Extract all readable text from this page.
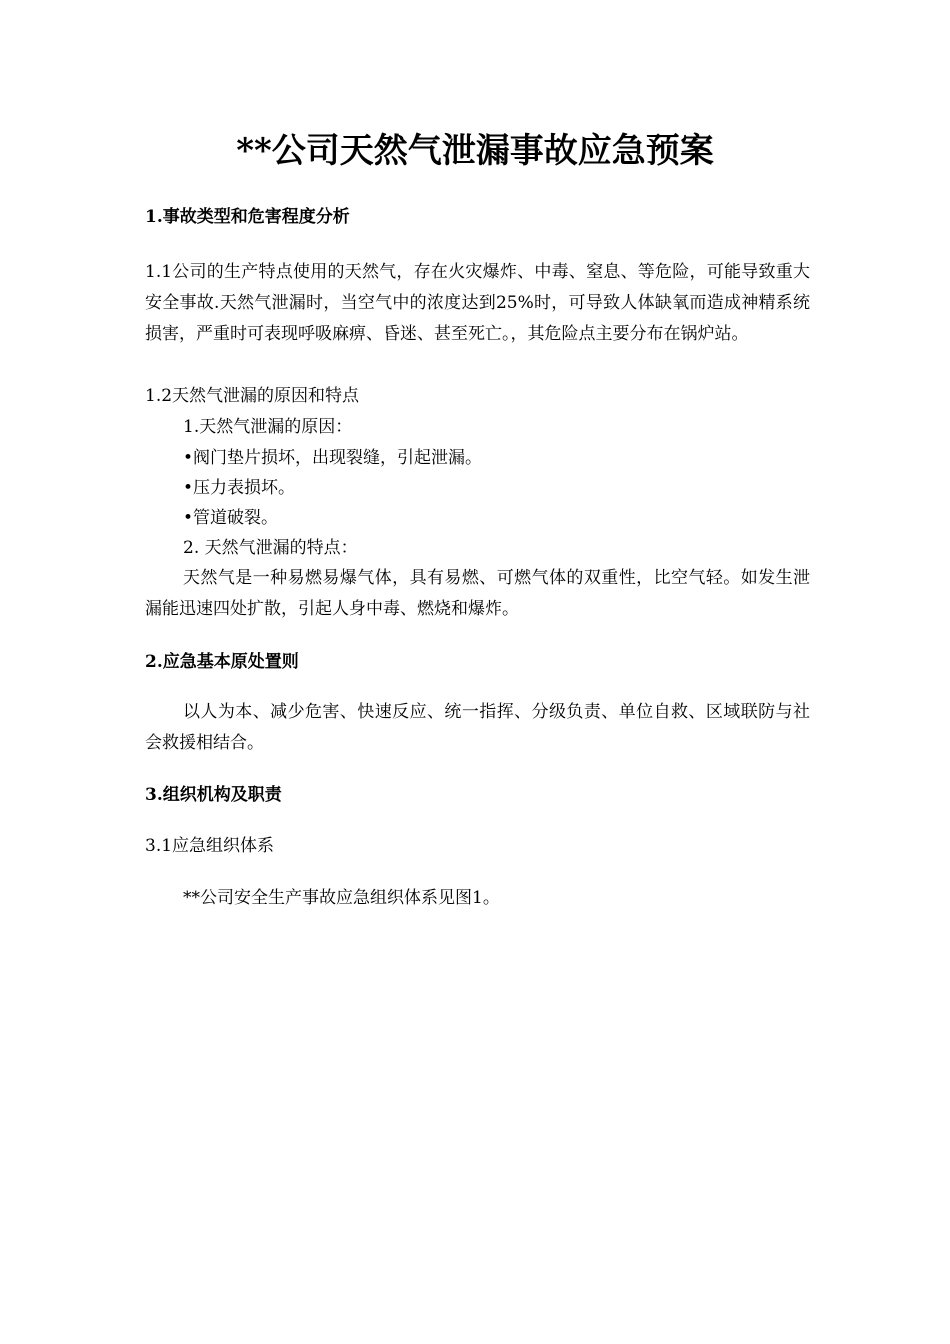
**公司天然气泄漏事故应急预案
1.事故类型和危害程度分析
1.1公司的生产特点使用的天然气，存在火灾爆炸、中毒、窒息、等危险，可能导致重大安全事故.天然气泄漏时，当空气中的浓度达到25%时，可导致人体缺氧而造成神精系统损害，严重时可表现呼吸麻痹、昏迷、甚至死亡。，其危险点主要分布在锅炉站。
1.2天然气泄漏的原因和特点
1.天然气泄漏的原因：
•阀门垫片损坏，出现裂缝，引起泄漏。
•压力表损坏。
•管道破裂。
2. 天然气泄漏的特点：
天然气是一种易燃易爆气体，具有易燃、可燃气体的双重性，比空气轻。如发生泄漏能迅速四处扩散，引起人身中毒、燃烧和爆炸。
2.应急基本原处置则
以人为本、减少危害、快速反应、统一指挥、分级负责、单位自救、区域联防与社会救援相结合。
3.组织机构及职责
3.1应急组织体系
**公司安全生产事故应急组织体系见图1。
